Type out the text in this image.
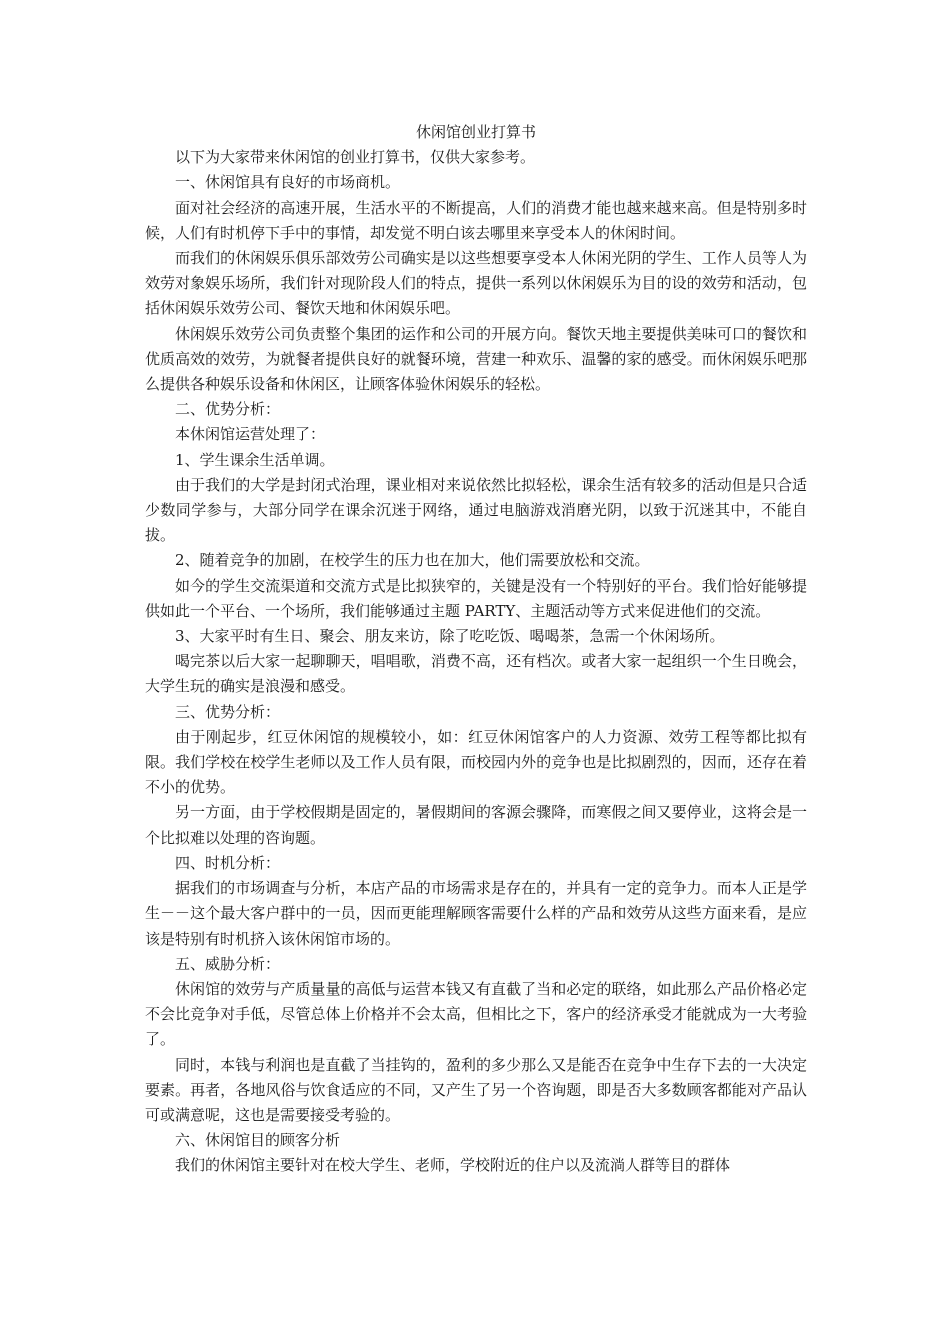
休闲馆创业打算书

以下为大家带来休闲馆的创业打算书，仅供大家参考。

一、休闲馆具有良好的市场商机。

面对社会经济的高速开展，生活水平的不断提高，人们的消费才能也越来越来高。但是特别多时候，人们有时机停下手中的事情，却发觉不明白该去哪里来享受本人的休闲时间。

而我们的休闲娱乐俱乐部效劳公司确实是以这些想要享受本人休闲光阴的学生、工作人员等人为效劳对象娱乐场所，我们针对现阶段人们的特点，提供一系列以休闲娱乐为目的设的效劳和活动，包括休闲娱乐效劳公司、餐饮天地和休闲娱乐吧。

休闲娱乐效劳公司负责整个集团的运作和公司的开展方向。餐饮天地主要提供美味可口的餐饮和优质高效的效劳，为就餐者提供良好的就餐环境，营建一种欢乐、温馨的家的感受。而休闲娱乐吧那么提供各种娱乐设备和休闲区，让顾客体验休闲娱乐的轻松。

二、优势分析：

本休闲馆运营处理了：

1、学生课余生活单调。

由于我们的大学是封闭式治理，课业相对来说依然比拟轻松，课余生活有较多的活动但是只合适少数同学参与，大部分同学在课余沉迷于网络，通过电脑游戏消磨光阴，以致于沉迷其中，不能自拔。

2、随着竞争的加剧，在校学生的压力也在加大，他们需要放松和交流。

如今的学生交流渠道和交流方式是比拟狭窄的，关键是没有一个特别好的平台。我们恰好能够提供如此一个平台、一个场所，我们能够通过主题 PARTY、主题活动等方式来促进他们的交流。

3、大家平时有生日、聚会、朋友来访，除了吃吃饭、喝喝茶，急需一个休闲场所。

喝完茶以后大家一起聊聊天，唱唱歌，消费不高，还有档次。或者大家一起组织一个生日晚会，大学生玩的确实是浪漫和感受。

三、优势分析：

由于刚起步，红豆休闲馆的规模较小，如：红豆休闲馆客户的人力资源、效劳工程等都比拟有限。我们学校在校学生老师以及工作人员有限，而校园内外的竞争也是比拟剧烈的，因而，还存在着不小的优势。

另一方面，由于学校假期是固定的，暑假期间的客源会骤降，而寒假之间又要停业，这将会是一个比拟难以处理的咨询题。

四、时机分析：

据我们的市场调查与分析，本店产品的市场需求是存在的，并具有一定的竞争力。而本人正是学生－－这个最大客户群中的一员，因而更能理解顾客需要什么样的产品和效劳从这些方面来看，是应该是特别有时机挤入该休闲馆市场的。

五、威胁分析：

休闲馆的效劳与产质量量的高低与运营本钱又有直截了当和必定的联络，如此那么产品价格必定不会比竞争对手低，尽管总体上价格并不会太高，但相比之下，客户的经济承受才能就成为一大考验了。

同时，本钱与利润也是直截了当挂钩的，盈利的多少那么又是能否在竞争中生存下去的一大决定要素。再者，各地风俗与饮食适应的不同，又产生了另一个咨询题，即是否大多数顾客都能对产品认可或满意呢，这也是需要接受考验的。

六、休闲馆目的顾客分析

我们的休闲馆主要针对在校大学生、老师，学校附近的住户以及流淌人群等目的群体
